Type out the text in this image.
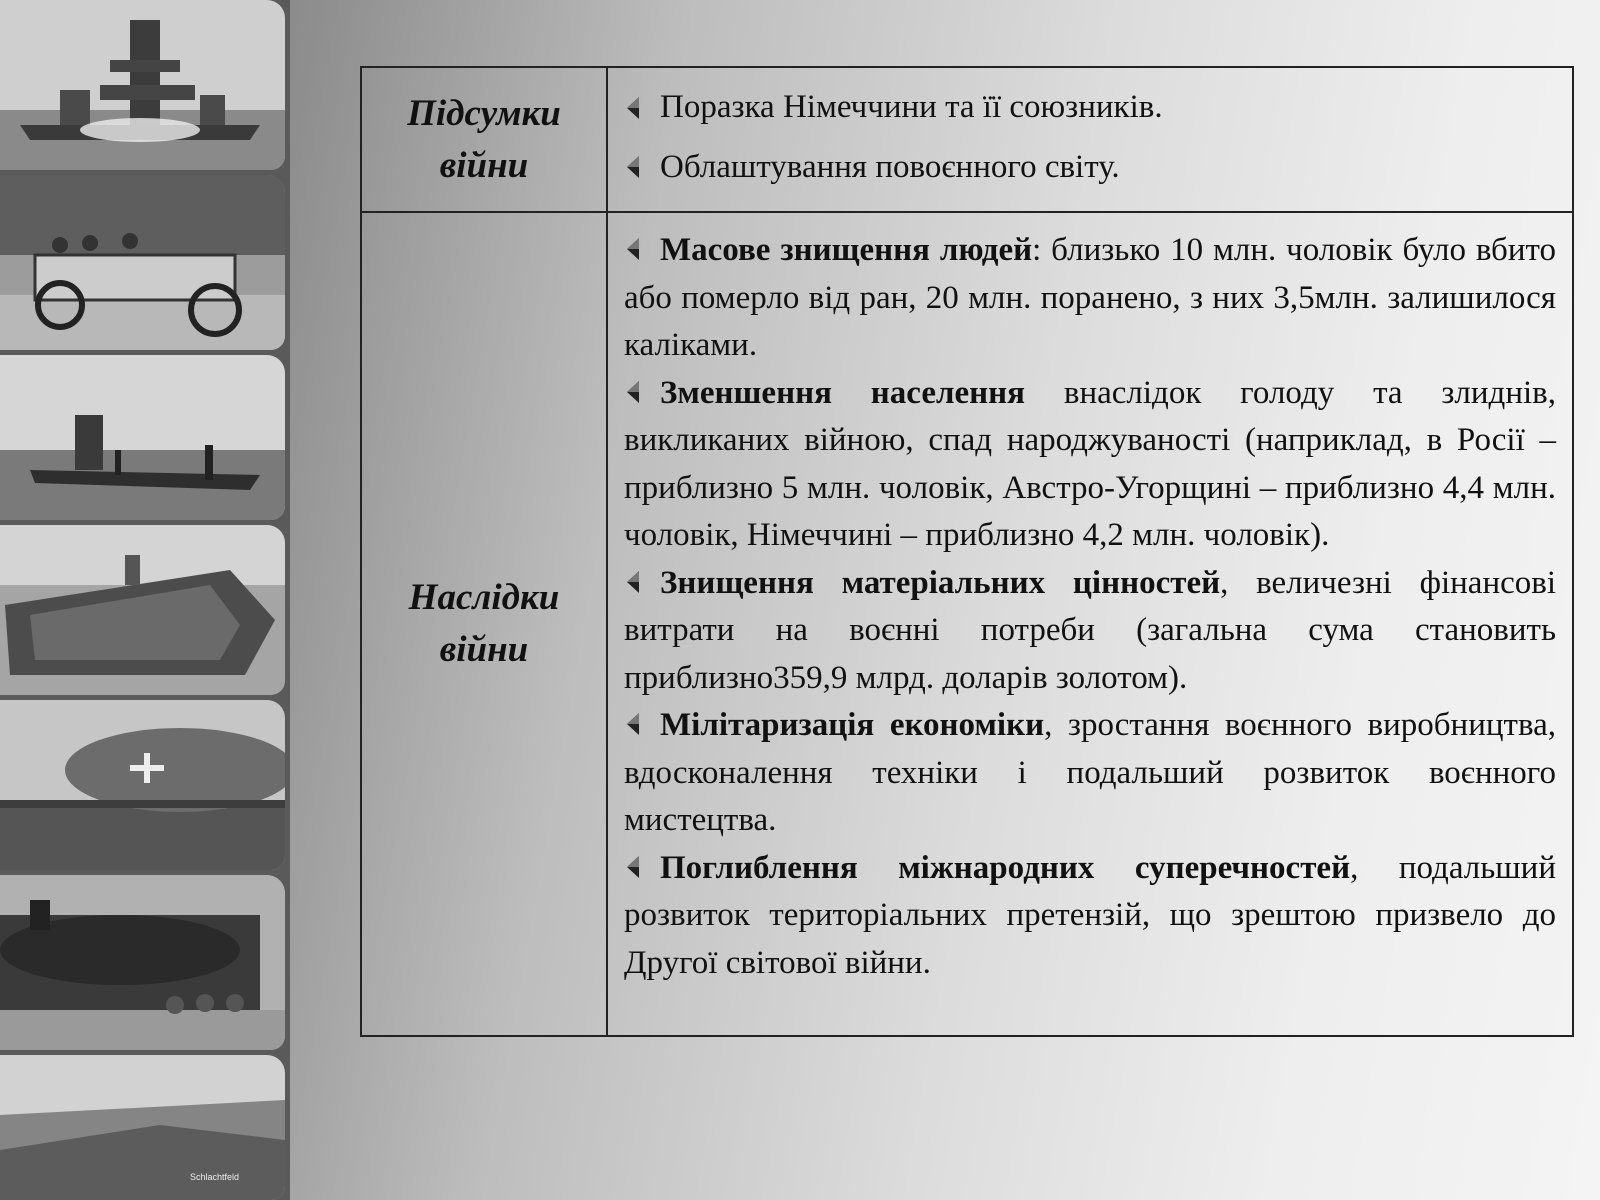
Schlachtfeld
Підсумки війни	Поразка Німеччини та її союзників.
Облаштування повоєнного світу.

Наслідки війни	Масове знищення людей: близько 10 млн. чоловік було вбито або померло від ран, 20 млн. поранено, з них 3,5млн. залишилося каліками.

Зменшення населення внаслідок голоду та злиднів, викликаних війною, спад народжуваності (наприклад, в Росії – приблизно 5 млн. чоловік, Австро-Угорщині – приблизно 4,4 млн. чоловік, Німеччині – приблизно 4,2 млн. чоловік).

Знищення матеріальних цінностей, величезні фінансові витрати на воєнні потреби (загальна сума становить приблизно359,9 млрд. доларів золотом).

Мілітаризація економіки, зростання воєнного виробництва, вдосконалення техніки і подальший розвиток воєнного мистецтва.

Поглиблення міжнародних суперечностей, подальший розвиток територіальних претензій, що зрештою призвело до Другої світової війни.
